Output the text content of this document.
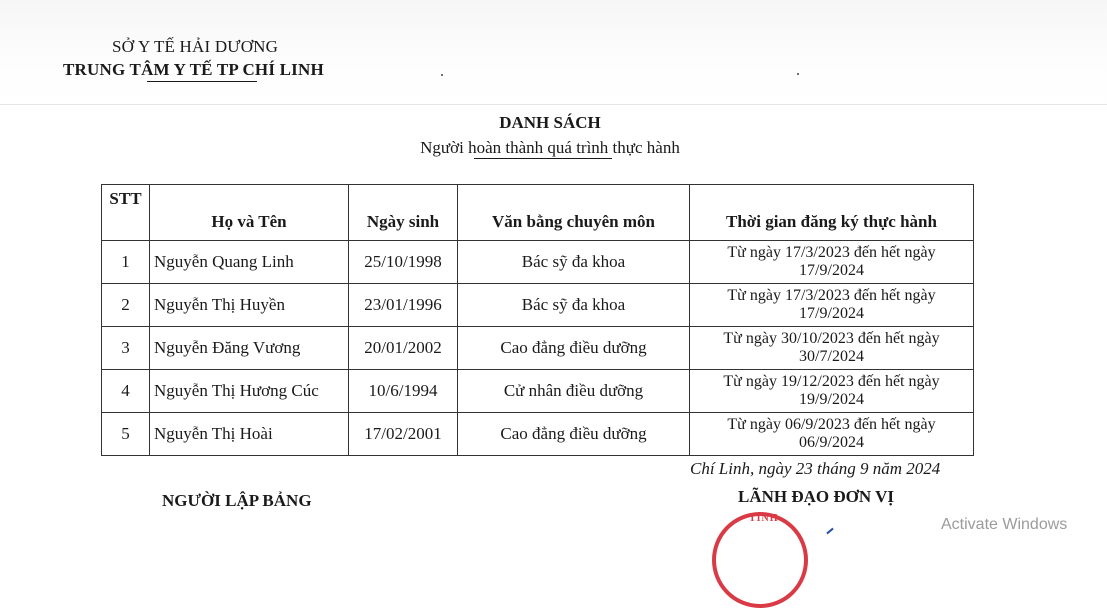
SỞ Y TẾ HẢI DƯƠNG
TRUNG TÂM Y TẾ TP CHÍ LINH
DANH SÁCH
Người hoàn thành quá trình thực hành
STT	Họ và Tên	Ngày sinh	Văn bằng chuyên môn	Thời gian đăng ký thực hành
1	Nguyễn Quang Linh	25/10/1998	Bác sỹ đa khoa	Từ ngày 17/3/2023 đến hết ngày
17/9/2024

2	Nguyễn Thị Huyền	23/01/1996	Bác sỹ đa khoa	Từ ngày 17/3/2023 đến hết ngày
17/9/2024

3	Nguyễn Đăng Vương	20/01/2002	Cao đẳng điều dưỡng	Từ ngày 30/10/2023 đến hết ngày
30/7/2024

4	Nguyễn Thị Hương Cúc	10/6/1994	Cử nhân điều dưỡng	Từ ngày 19/12/2023 đến hết ngày
19/9/2024

5	Nguyễn Thị Hoài	17/02/2001	Cao đẳng điều dưỡng	Từ ngày 06/9/2023 đến hết ngày
06/9/2024
Chí Linh, ngày 23 tháng 9 năm 2024
NGƯỜI LẬP BẢNG	LÃNH ĐẠO ĐƠN VỊ
TỈNH	Activate Windows
